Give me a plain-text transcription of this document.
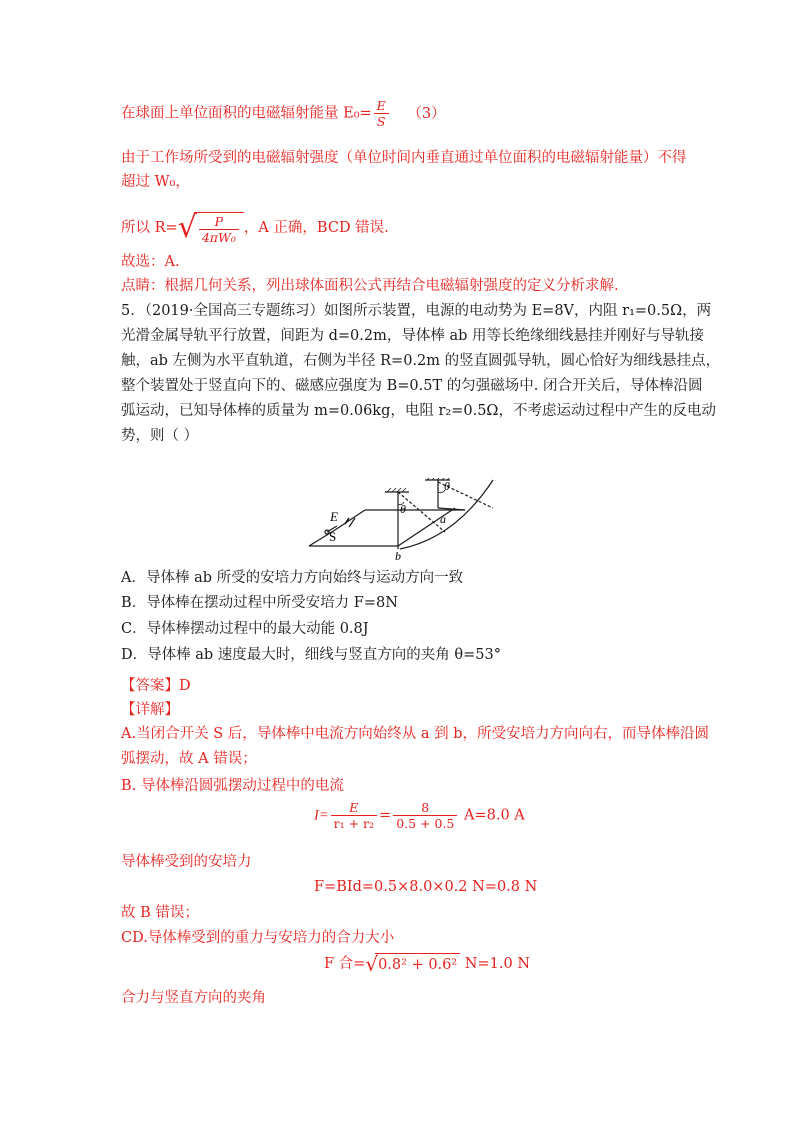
在球面上单位面积的电磁辐射能量 $E_0= \frac{E}{S} (3)$
由于工作场所受到的电磁辐射强度（单位时间内垂直通过单位面积的电磁辐射能量）不得
超过 W₀，
所以 $R=√ \frac{P}{\text{4πW₀}}$ ，A 正确，BCD 错误.
故选：A.
点睛：根据几何关系，列出球体面积公式再结合电磁辐射强度的定义分析求解.
5．（2019·全国高三专题练习）如图所示装置，电源的电动势为 E=8V，内阻 r₁=0.5Ω，两
光滑金属导轨平行放置，间距为 d=0.2m，导体棒 ab 用等长绝缘细线悬挂并刚好与导轨接
触，ab 左侧为水平直轨道，右侧为半径 R=0.2m 的竖直圆弧导轨，圆心恰好为细线悬挂点，
整个装置处于竖直向下的、磁感应强度为 B=0.5T 的匀强磁场中. 闭合开关后，导体棒沿圆
弧运动，已知导体棒的质量为 m=0.06kg，电阻 r₂=0.5Ω，不考虑运动过程中产生的反电动
势，则（ ）
E
S
θ
θ
a
b
A．导体棒 ab 所受的安培力方向始终与运动方向一致
B．导体棒在摆动过程中所受安培力 F=8N
C．导体棒摆动过程中的最大动能 0.8J
D．导体棒 ab 速度最大时，细线与竖直方向的夹角 θ=53°
【答案】D
【详解】
A.当闭合开关 S 后，导体棒中电流方向始终从 a 到 b，所受安培力方向向右，而导体棒沿圆
弧摆动，故 A 错误；
B. 导体棒沿圆弧摆动过程中的电流
$I= \frac{E}{\text{r₁ + r₂}} = \frac{8}{0.5 + 0.5} A=8.0$ A
导体棒受到的安培力
F=BId=0.5×8.0×0.2 N=0.8 N
故 B 错误；
CD.导体棒受到的重力与安培力的合力大小
F 合=√0.8² + 0.6² N=1.0 N
合力与竖直方向的夹角
